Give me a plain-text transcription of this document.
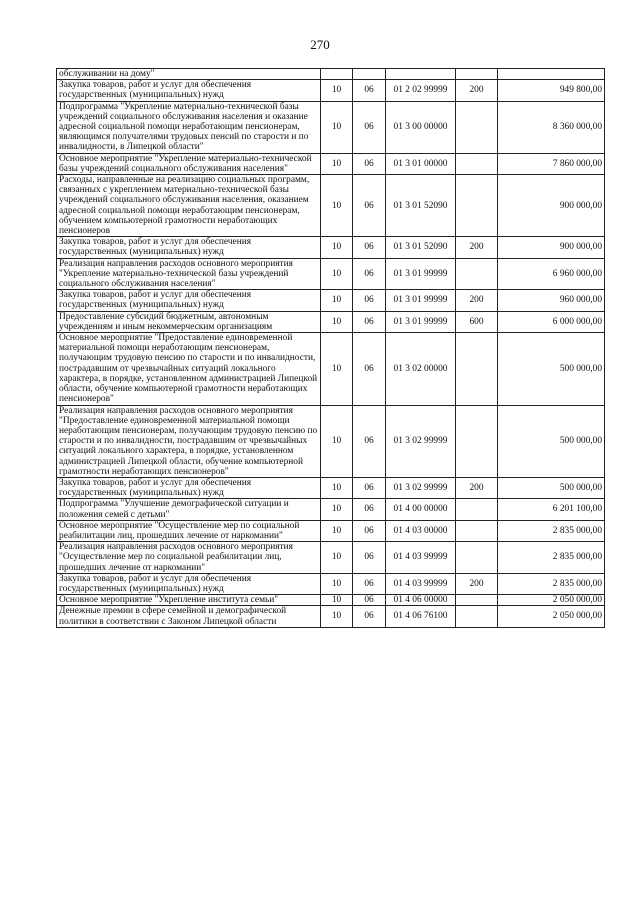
270
обслуживании на дому"					
Закупка товаров, работ и услуг для обеспечения государственных (муниципальных) нужд	10	06	01 2 02 99999	200	949 800,00
Подпрограмма "Укрепление материально-технической базы учреждений социального обслуживания населения и оказание адресной социальной помощи неработающим пенсионерам, являющимся получателями трудовых пенсий по старости и по инвалидности, в Липецкой области"	10	06	01 3 00 00000		8 360 000,00
Основное мероприятие "Укрепление материально-технической базы учреждений социального обслуживания населения"	10	06	01 3 01 00000		7 860 000,00
Расходы, направленные на реализацию социальных программ, связанных с укреплением материально-технической базы учреждений социального обслуживания населения, оказанием адресной социальной помощи неработающим пенсионерам, обучением компьютерной грамотности неработающих пенсионеров	10	06	01 3 01 52090		900 000,00
Закупка товаров, работ и услуг для обеспечения государственных (муниципальных) нужд	10	06	01 3 01 52090	200	900 000,00
Реализация направления расходов основного мероприятия "Укрепление материально-технической базы учреждений социального обслуживания населения"	10	06	01 3 01 99999		6 960 000,00
Закупка товаров, работ и услуг для обеспечения государственных (муниципальных) нужд	10	06	01 3 01 99999	200	960 000,00
Предоставление субсидий бюджетным, автономным учреждениям и иным некоммерческим организациям	10	06	01 3 01 99999	600	6 000 000,00
Основное мероприятие "Предоставление единовременной материальной помощи неработающим пенсионерам, получающим трудовую пенсию по старости и по инвалидности, пострадавшим от чрезвычайных ситуаций локального характера, в порядке, установленном администрацией Липецкой области, обучение компьютерной грамотности неработающих пенсионеров"	10	06	01 3 02 00000		500 000,00
Реализация направления расходов основного мероприятия "Предоставление единовременной материальной помощи неработающим пенсионерам, получающим трудовую пенсию по старости и по инвалидности, пострадавшим от чрезвычайных ситуаций локального характера, в порядке, установленном администрацией Липецкой области, обучение компьютерной грамотности неработающих пенсионеров"	10	06	01 3 02 99999		500 000,00
Закупка товаров, работ и услуг для обеспечения государственных (муниципальных) нужд	10	06	01 3 02 99999	200	500 000,00
Подпрограмма "Улучшение демографической ситуации и положения семей с детьми"	10	06	01 4 00 00000		6 201 100,00
Основное мероприятие "Осуществление мер по социальной реабилитации лиц, прошедших лечение от наркомании"	10	06	01 4 03 00000		2 835 000,00
Реализация направления расходов основного мероприятия "Осуществление мер по социальной реабилитации лиц, прошедших лечение от наркомании"	10	06	01 4 03 99999		2 835 000,00
Закупка товаров, работ и услуг для обеспечения государственных (муниципальных) нужд	10	06	01 4 03 99999	200	2 835 000,00
Основное мероприятие "Укрепление института семьи"	10	06	01 4 06 00000		2 050 000,00
Денежные премии в сфере семейной и демографической политики в соответствии с Законом Липецкой области	10	06	01 4 06 76100		2 050 000,00
